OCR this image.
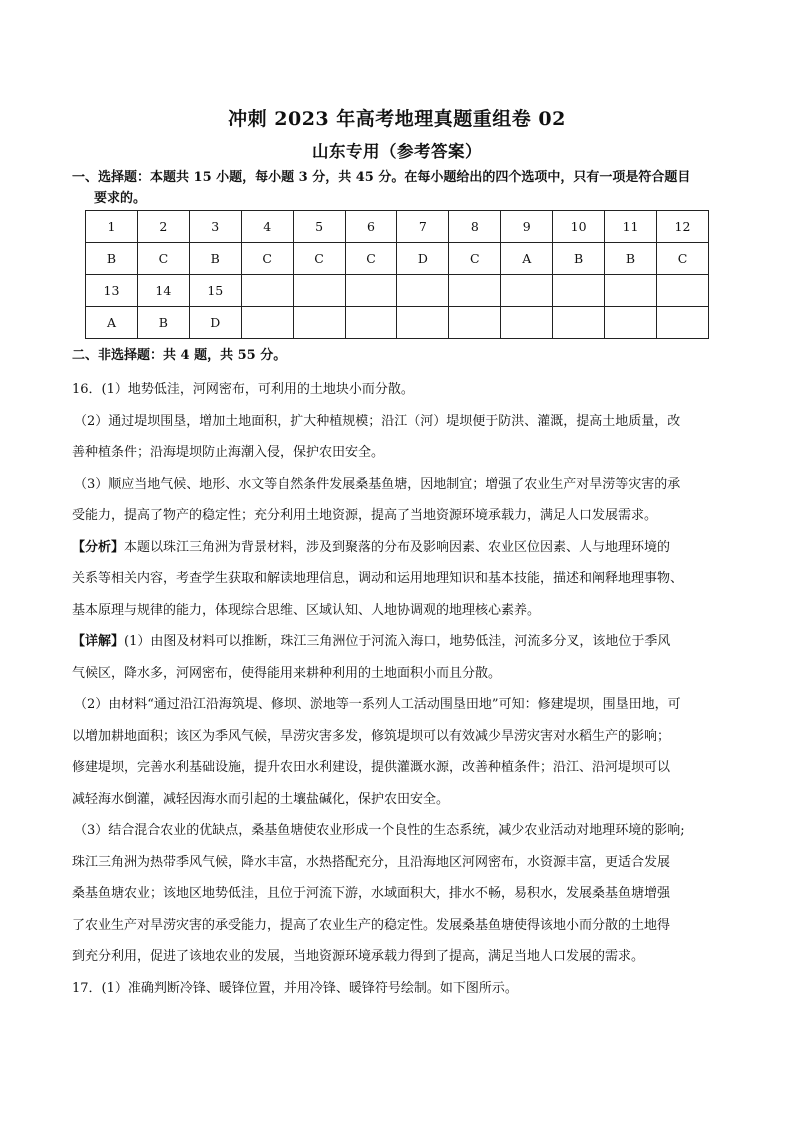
冲刺 2023 年高考地理真题重组卷 02
山东专用（参考答案）
一、选择题：本题共 15 小题，每小题 3 分，共 45 分。在每小题给出的四个选项中，只有一项是符合题目
要求的。
1	2	3	4	5	6	7	8	9	10	11	12
B	C	B	C	C	C	D	C	A	B	B	C
13	14	15									
A	B	D									
二、非选择题：共 4 题，共 55 分。

16．(1）地势低洼，河网密布，可利用的土地块小而分散。

（2）通过堤坝围垦，增加土地面积，扩大种植规模；沿江（河）堤坝便于防洪、灌溉，提高土地质量，改

善种植条件；沿海堤坝防止海潮入侵，保护农田安全。

（3）顺应当地气候、地形、水文等自然条件发展桑基鱼塘，因地制宜；增强了农业生产对旱涝等灾害的承

受能力，提高了物产的稳定性；充分利用土地资源，提高了当地资源环境承载力，满足人口发展需求。

【分析】本题以珠江三角洲为背景材料，涉及到聚落的分布及影响因素、农业区位因素、人与地理环境的

关系等相关内容，考查学生获取和解读地理信息，调动和运用地理知识和基本技能，描述和阐释地理事物、

基本原理与规律的能力，体现综合思维、区域认知、人地协调观的地理核心素养。

【详解】(1）由图及材料可以推断，珠江三角洲位于河流入海口，地势低洼，河流多分叉，该地位于季风

气候区，降水多，河网密布，使得能用来耕种利用的土地面积小而且分散。

（2）由材料“通过沿江沿海筑堤、修坝、淤地等一系列人工活动围垦田地”可知：修建堤坝，围垦田地，可

以增加耕地面积；该区为季风气候，旱涝灾害多发，修筑堤坝可以有效减少旱涝灾害对水稻生产的影响；

修建堤坝，完善水利基础设施，提升农田水利建设，提供灌溉水源，改善种植条件；沿江、沿河堤坝可以

减轻海水倒灌，减轻因海水而引起的土壤盐碱化，保护农田安全。

（3）结合混合农业的优缺点，桑基鱼塘使农业形成一个良性的生态系统，减少农业活动对地理环境的影响;

珠江三角洲为热带季风气候，降水丰富，水热搭配充分，且沿海地区河网密布，水资源丰富，更适合发展

桑基鱼塘农业；该地区地势低洼，且位于河流下游，水域面积大，排水不畅，易积水，发展桑基鱼塘增强

了农业生产对旱涝灾害的承受能力，提高了农业生产的稳定性。发展桑基鱼塘使得该地小而分散的土地得

到充分利用，促进了该地农业的发展，当地资源环境承载力得到了提高，满足当地人口发展的需求。

17．(1）准确判断冷锋、暖锋位置，并用冷锋、暖锋符号绘制。如下图所示。
